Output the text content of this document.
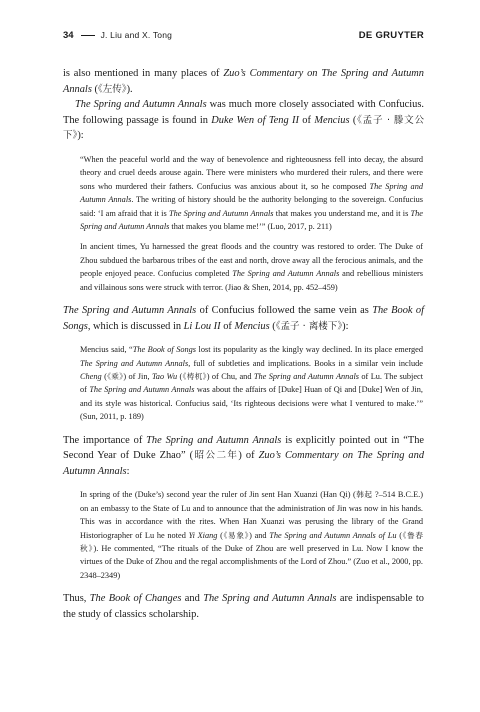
34	J. Liu and X. Tong	DE GRUYTER

is also mentioned in many places of Zuo’s Commentary on The Spring and Autumn Annals (《左传》).

The Spring and Autumn Annals was much more closely associated with Confucius. The following passage is found in Duke Wen of Teng II of Mencius (《孟子 · 滕文公下》):

“When the peaceful world and the way of benevolence and righteousness fell into decay, the absurd theory and cruel deeds arouse again. There were ministers who murdered their rulers, and there were sons who murdered their fathers. Confucius was anxious about it, so he composed The Spring and Autumn Annals. The writing of history should be the authority belonging to the sovereign. Confucius said: ‘I am afraid that it is The Spring and Autumn Annals that makes you understand me, and it is The Spring and Autumn Annals that makes you blame me!’” (Luo, 2017, p. 211)

In ancient times, Yu harnessed the great floods and the country was restored to order. The Duke of Zhou subdued the barbarous tribes of the east and north, drove away all the ferocious animals, and the people enjoyed peace. Confucius completed The Spring and Autumn Annals and rebellious ministers and villainous sons were struck with terror. (Jiao & Shen, 2014, pp. 452–459)

The Spring and Autumn Annals of Confucius followed the same vein as The Book of Songs, which is discussed in Li Lou II of Mencius (《孟子 · 离楼下》):

Mencius said, “The Book of Songs lost its popularity as the kingly way declined. In its place emerged The Spring and Autumn Annals, full of subtleties and implications. Books in a similar vein include Cheng (《乘》) of Jin, Tao Wu (《梼杌》) of Chu, and The Spring and Autumn Annals of Lu. The subject of The Spring and Autumn Annals was about the affairs of [Duke] Huan of Qi and [Duke] Wen of Jin, and its style was historical. Confucius said, ‘Its righteous decisions were what I ventured to make.’” (Sun, 2011, p. 189)

The importance of The Spring and Autumn Annals is explicitly pointed out in “The Second Year of Duke Zhao” (昭公二年) of Zuo’s Commentary on The Spring and Autumn Annals:

In spring of the (Duke’s) second year the ruler of Jin sent Han Xuanzi (Han Qi) (韩起 ?–514 B.C.E.) on an embassy to the State of Lu and to announce that the administration of Jin was now in his hands. This was in accordance with the rites. When Han Xuanzi was perusing the library of the Grand Historiographer of Lu he noted Yi Xiang (《易象》) and The Spring and Autumn Annals of Lu (《鲁春秋》). He commented, “The rituals of the Duke of Zhou are well preserved in Lu. Now I know the virtues of the Duke of Zhou and the regal accomplishments of the Lord of Zhou.” (Zuo et al., 2000, pp. 2348–2349)

Thus, The Book of Changes and The Spring and Autumn Annals are indispensable to the study of classics scholarship.
